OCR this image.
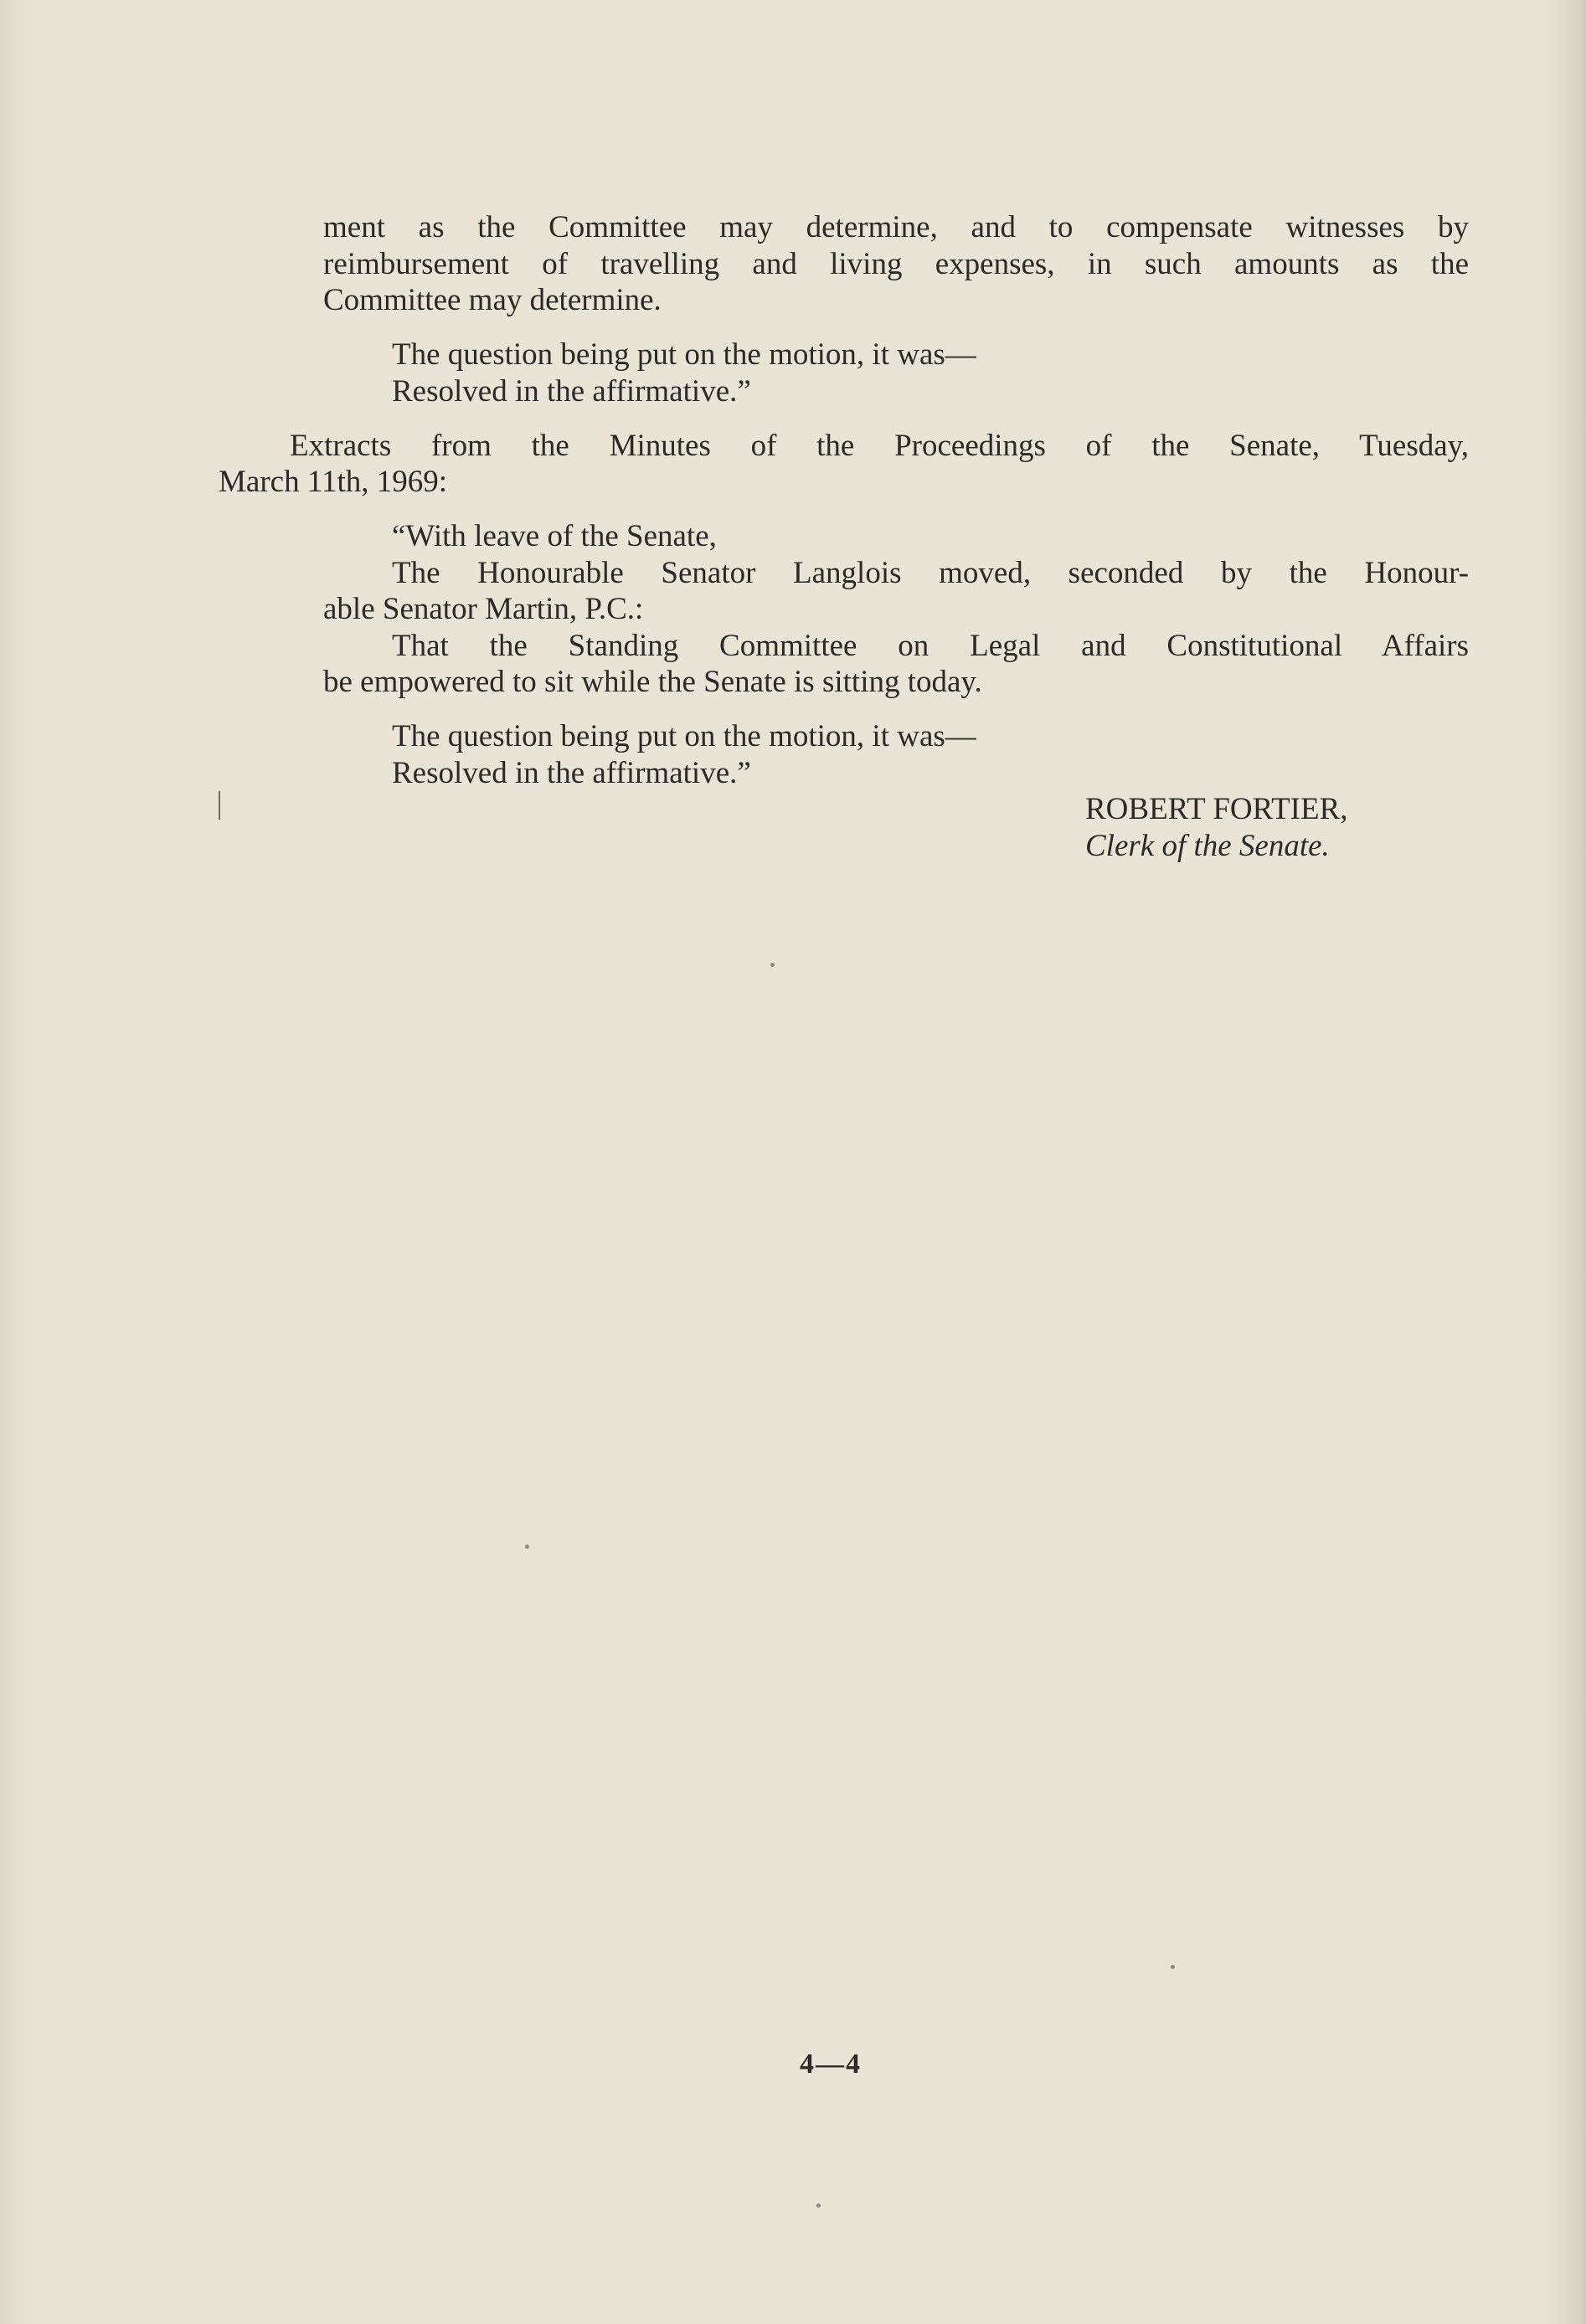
ment as the Committee may determine, and to compensate witnesses by
reimbursement of travelling and living expenses, in such amounts as the
Committee may determine.
The question being put on the motion, it was—
Resolved in the affirmative.”
Extracts from the Minutes of the Proceedings of the Senate, Tuesday,
March 11th, 1969:
“With leave of the Senate,
The Honourable Senator Langlois moved, seconded by the Honour-
able Senator Martin, P.C.:
That the Standing Committee on Legal and Constitutional Affairs
be empowered to sit while the Senate is sitting today.
The question being put on the motion, it was—
Resolved in the affirmative.”
ROBERT FORTIER,
Clerk of the Senate.
4—4
